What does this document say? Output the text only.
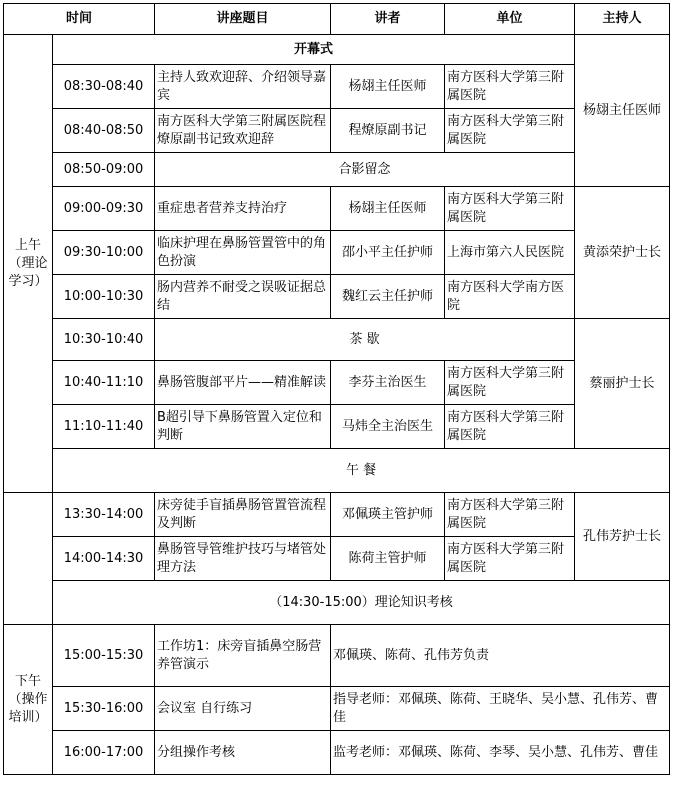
时间		讲座题目	讲者	单位	主持人
上午（理论学习）	开幕式				杨翃主任医师
	08:30-08:40	主持人致欢迎辞、介绍领导嘉宾	杨翃主任医师	南方医科大学第三附属医院	
	08:40-08:50	南方医科大学第三附属医院程燎原副书记致欢迎辞	程燎原副书记	南方医科大学第三附属医院	
	08:50-09:00	合影留念			
	09:00-09:30	重症患者营养支持治疗	杨翃主任医师	南方医科大学第三附属医院	黄添荣护士长
	09:30-10:00	临床护理在鼻肠管置管中的角色扮演	邵小平主任护师	上海市第六人民医院	
	10:00-10:30	肠内营养不耐受之误吸证据总结	魏红云主任护师	南方医科大学南方医院	
	10:30-10:40	茶 歇			蔡丽护士长
	10:40-11:10	鼻肠管腹部平片——精准解读	李芬主治医生	南方医科大学第三附属医院	
	11:10-11:40	B超引导下鼻肠管置入定位和判断	马炜全主治医生	南方医科大学第三附属医院	
	午 餐				
	13:30-14:00	床旁徒手盲插鼻肠管置管流程及判断	邓佩瑛主管护师	南方医科大学第三附属医院	孔伟芳护士长
	14:00-14:30	鼻肠管导管维护技巧与堵管处理方法	陈荷主管护师	南方医科大学第三附属医院	
	（14:30-15:00）理论知识考核				
下午（操作培训）	15:00-15:30	工作坊1：床旁盲插鼻空肠营养管演示	邓佩瑛、陈荷、孔伟芳负责		
	15:30-16:00	会议室 自行练习	指导老师：邓佩瑛、陈荷、王晓华、吴小慧、孔伟芳、曹佳		
	16:00-17:00	分组操作考核	监考老师：邓佩瑛、陈荷、李琴、吴小慧、孔伟芳、曹佳		
